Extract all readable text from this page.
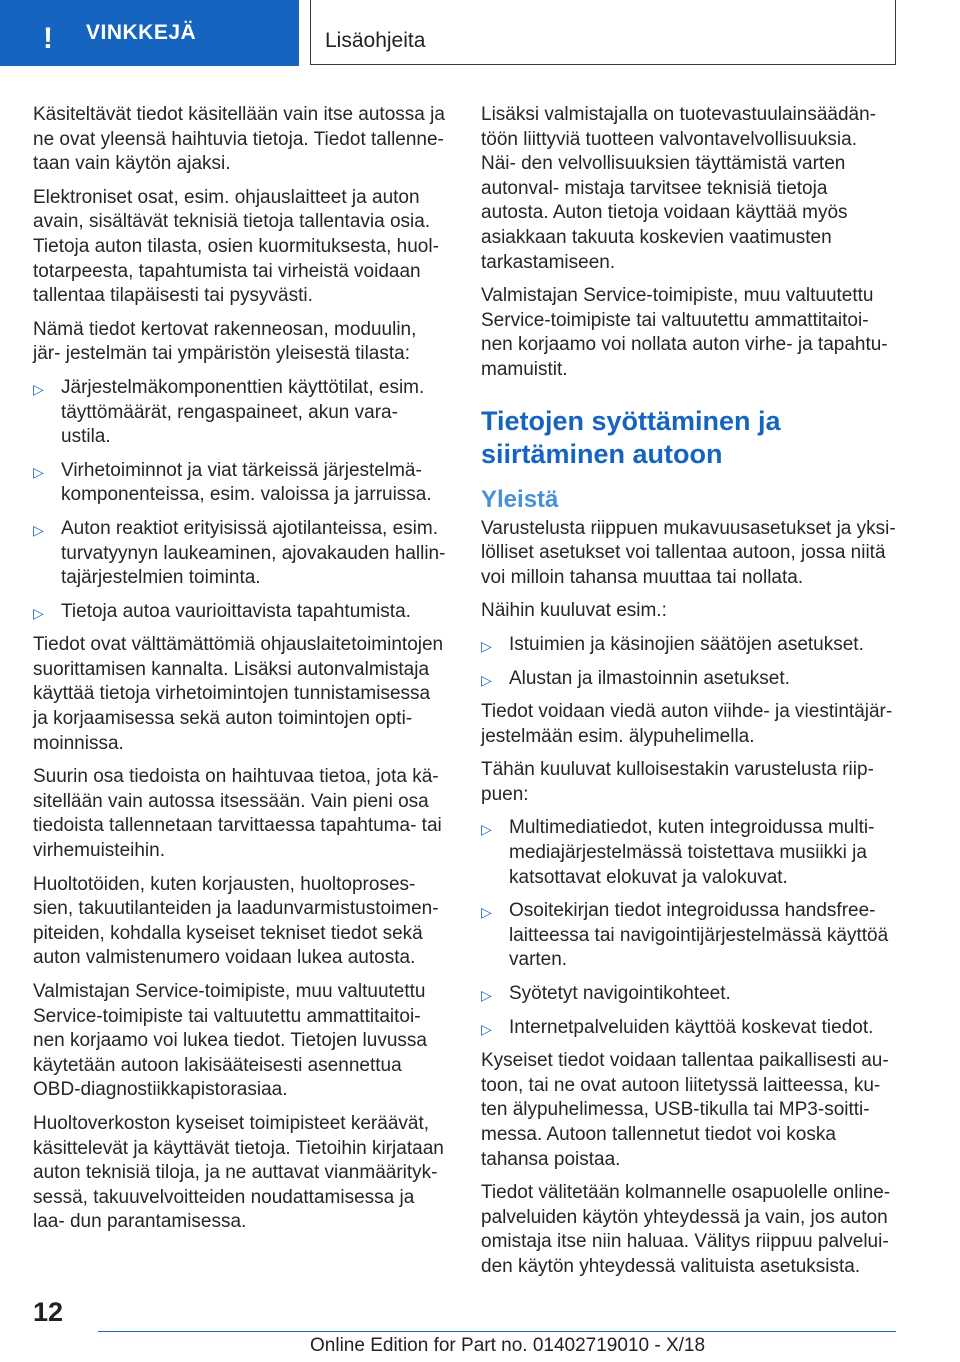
! VINKKEJÄ	Lisäohjeita

Käsiteltävät tiedot käsitellään vain itse autossa ja ne ovat yleensä haihtuvia tietoja. Tiedot tallenne‐ taan vain käytön ajaksi.

Elektroniset osat, esim. ohjauslaitteet ja auton avain, sisältävät teknisiä tietoja tallentavia osia. Tietoja auton tilasta, osien kuormituksesta, huol‐ totarpeesta, tapahtumista tai virheistä voidaan tallentaa tilapäisesti tai pysyvästi.

Nämä tiedot kertovat rakenneosan, moduulin, jär‐ jestelmän tai ympäristön yleisestä tilasta:

▷ Järjestelmäkomponenttien käyttötilat, esim. täyttömäärät, rengaspaineet, akun vara‐ ustila.
▷ Virhetoiminnot ja viat tärkeissä järjestelmä‐ komponenteissa, esim. valoissa ja jarruissa.
▷ Auton reaktiot erityisissä ajotilanteissa, esim. turvatyynyn laukeaminen, ajovakauden hallin‐ tajärjestelmien toiminta.
▷ Tietoja autoa vaurioittavista tapahtumista.

Tiedot ovat välttämättömiä ohjauslaitetoimintojen suorittamisen kannalta. Lisäksi autonvalmistaja käyttää tietoja virhetoimintojen tunnistamisessa ja korjaamisessa sekä auton toimintojen opti‐ moinnissa.

Suurin osa tiedoista on haihtuvaa tietoa, jota kä‐ sitellään vain autossa itsessään. Vain pieni osa tiedoista tallennetaan tarvittaessa tapahtuma- tai virhemuisteihin.

Huoltotöiden, kuten korjausten, huoltoproses‐ sien, takuutilanteiden ja laadunvarmistustoimen‐ piteiden, kohdalla kyseiset tekniset tiedot sekä auton valmistenumero voidaan lukea autosta.

Valmistajan Service-toimipiste, muu valtuutettu Service-toimipiste tai valtuutettu ammattitaitoi‐ nen korjaamo voi lukea tiedot. Tietojen luvussa käytetään autoon lakisääteisesti asennettua OBD-diagnostiikkapistorasiaa.

Huoltoverkoston kyseiset toimipisteet keräävät, käsittelevät ja käyttävät tietoja. Tietoihin kirjataan auton teknisiä tiloja, ja ne auttavat vianmäärityk‐ sessä, takuuvelvoitteiden noudattamisessa ja laa‐ dun parantamisessa.

Lisäksi valmistajalla on tuotevastuulainsäädän‐ töön liittyviä tuotteen valvontavelvollisuuksia. Näi‐ den velvollisuuksien täyttämistä varten autonval‐ mistaja tarvitsee teknisiä tietoja autosta. Auton tietoja voidaan käyttää myös asiakkaan takuuta koskevien vaatimusten tarkastamiseen.

Valmistajan Service-toimipiste, muu valtuutettu Service-toimipiste tai valtuutettu ammattitaitoi‐ nen korjaamo voi nollata auton virhe- ja tapahtu‐ mamuistit.

Tietojen syöttäminen ja siirtäminen autoon
Yleistä

Varustelusta riippuen mukavuusasetukset ja yksi‐ lölliset asetukset voi tallentaa autoon, jossa niitä voi milloin tahansa muuttaa tai nollata.

Näihin kuuluvat esim.:

▷ Istuimien ja käsinojien säätöjen asetukset.
▷ Alustan ja ilmastoinnin asetukset.

Tiedot voidaan viedä auton viihde- ja viestintäjär‐ jestelmään esim. älypuhelimella.

Tähän kuuluvat kulloisestakin varustelusta riip‐ puen:

▷ Multimediatiedot, kuten integroidussa multi‐ mediajärjestelmässä toistettava musiikki ja katsottavat elokuvat ja valokuvat.
▷ Osoitekirjan tiedot integroidussa handsfree- laitteessa tai navigointijärjestelmässä käyttöä varten.
▷ Syötetyt navigointikohteet.
▷ Internetpalveluiden käyttöä koskevat tiedot.

Kyseiset tiedot voidaan tallentaa paikallisesti au‐ toon, tai ne ovat autoon liitetyssä laitteessa, ku‐ ten älypuhelimessa, USB-tikulla tai MP3-soitti‐ messa. Autoon tallennetut tiedot voi koska tahansa poistaa.

Tiedot välitetään kolmannelle osapuolelle online- palveluiden käytön yhteydessä ja vain, jos auton omistaja itse niin haluaa. Välitys riippuu palvelui‐ den käytön yhteydessä valituista asetuksista.

12
Online Edition for Part no. 01402719010 - X/18
